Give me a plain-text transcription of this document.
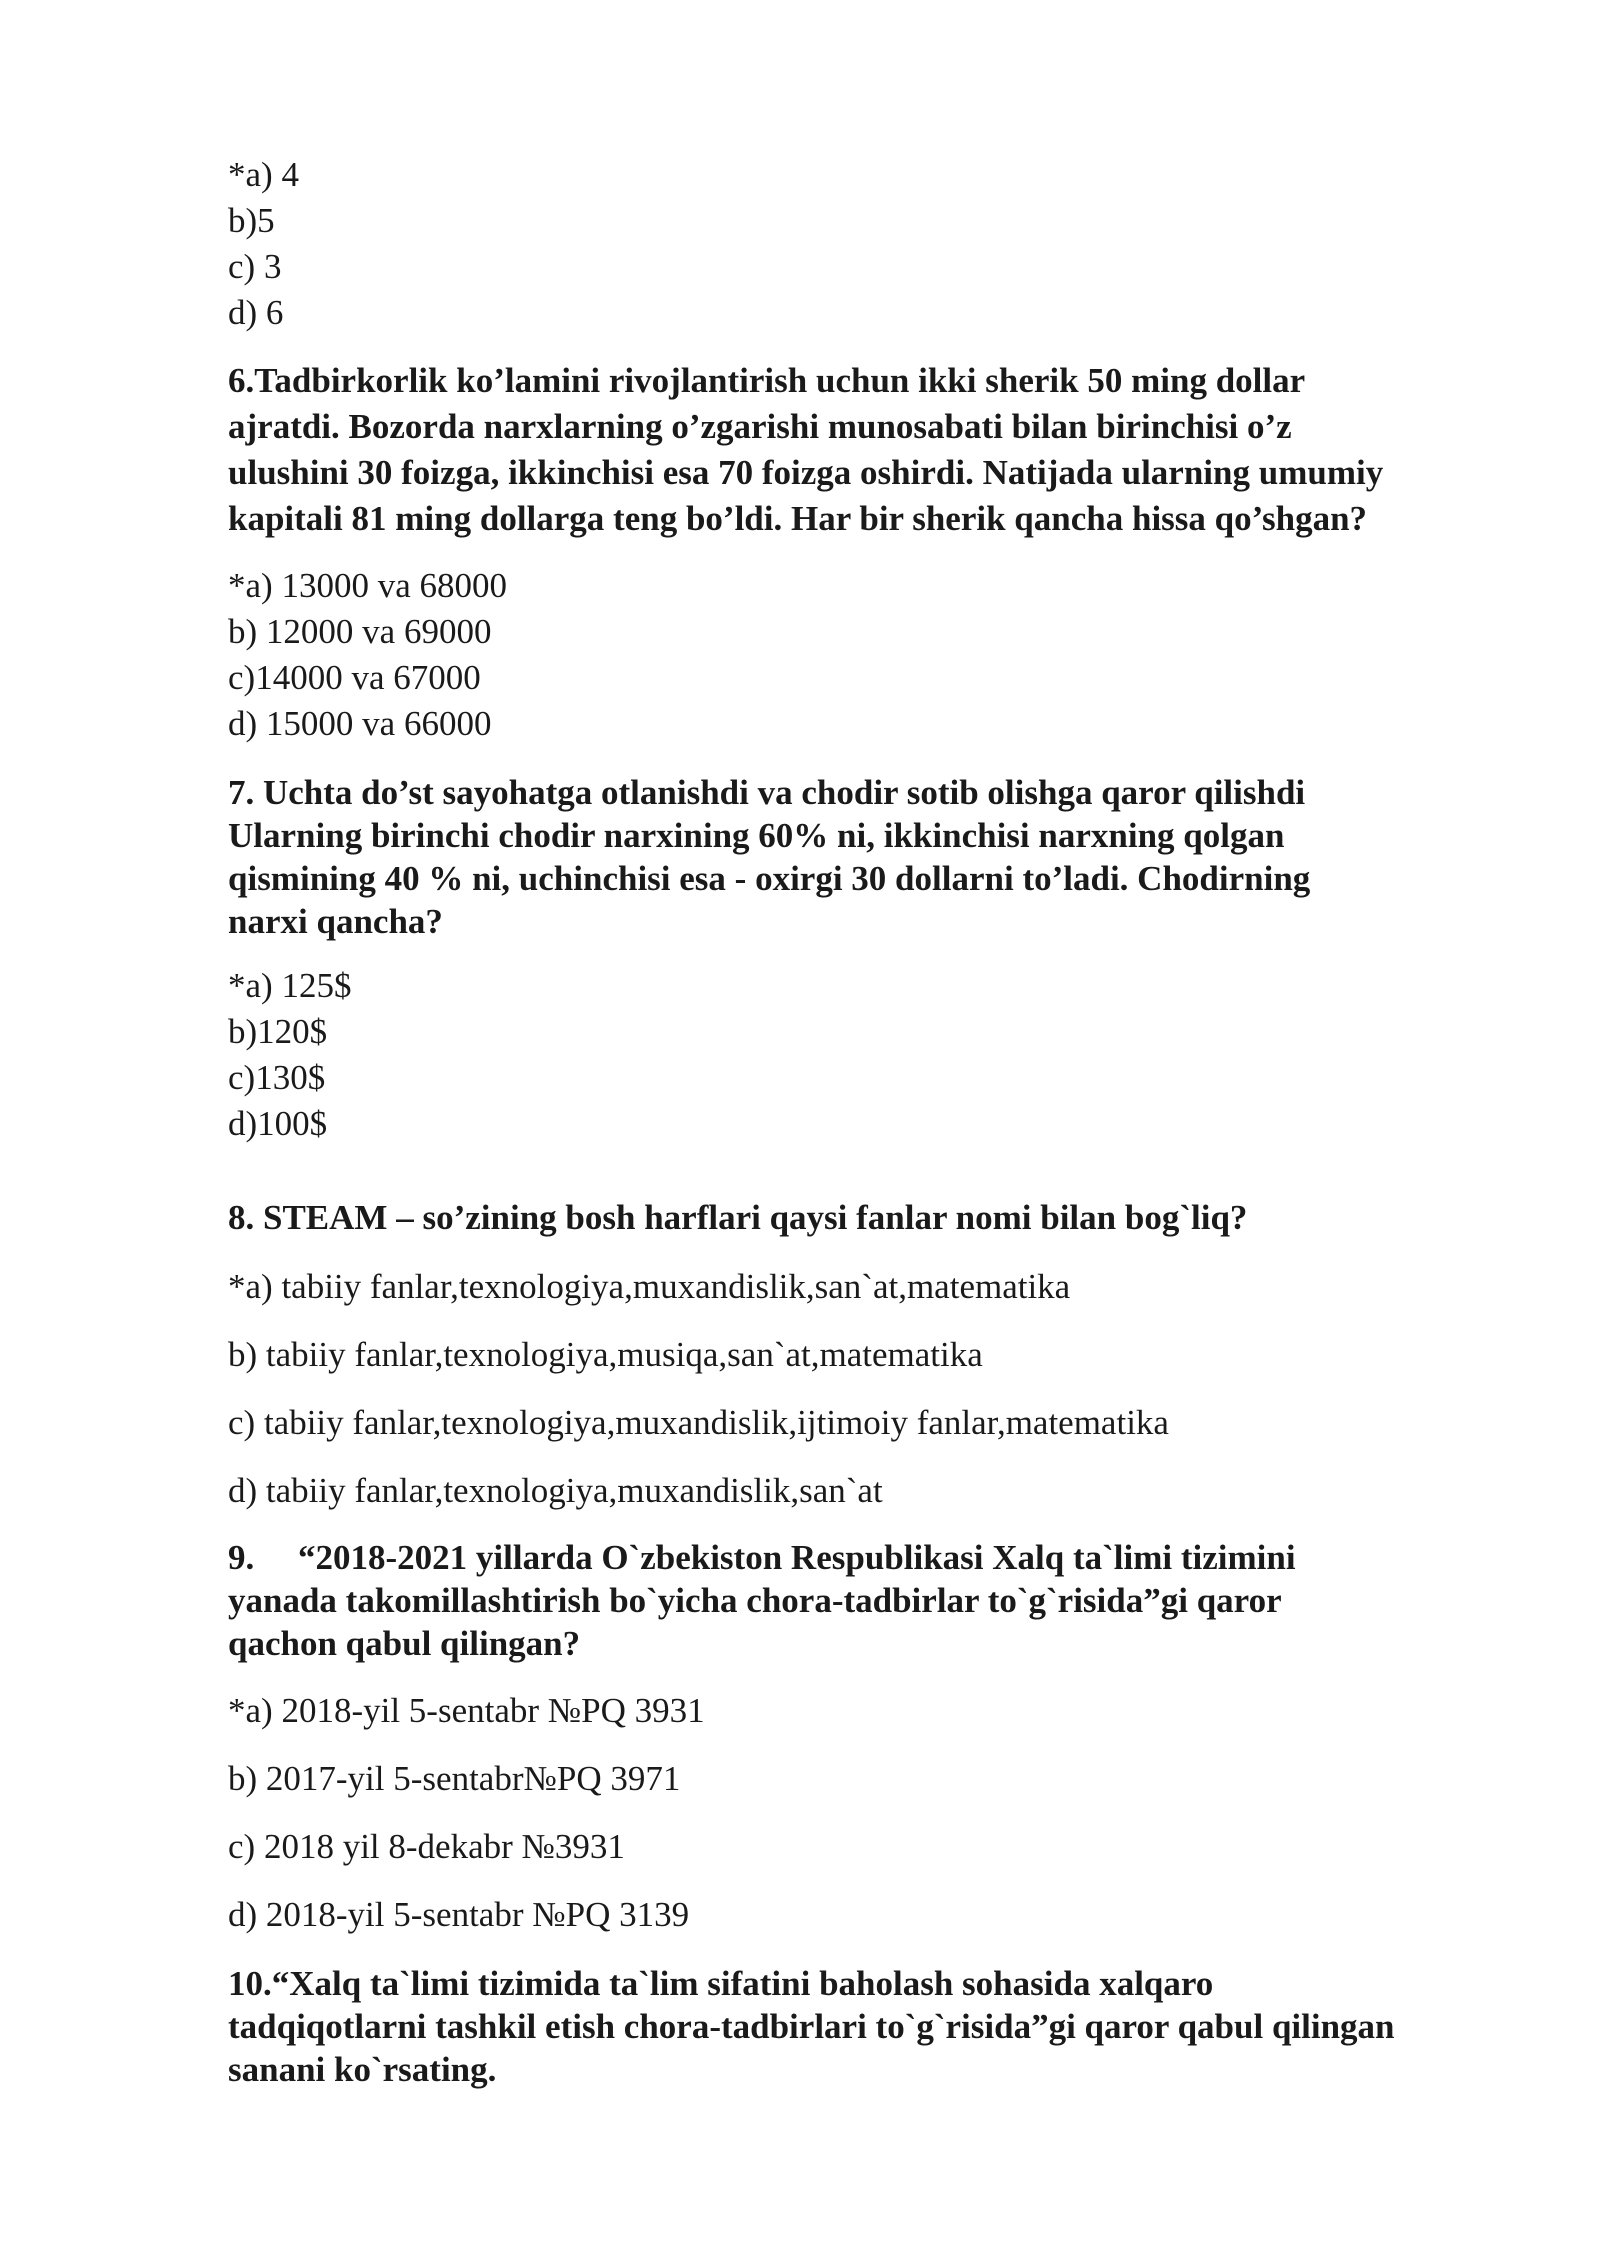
*a) 4
b)5
c) 3
d) 6
6.Tadbirkorlik ko’lamini rivojlantirish uchun ikki sherik 50 ming dollar
ajratdi. Bozorda narxlarning o’zgarishi munosabati bilan birinchisi o’z
ulushini 30 foizga, ikkinchisi esa 70 foizga oshirdi. Natijada ularning umumiy
kapitali 81 ming dollarga teng bo’ldi. Har bir sherik qancha hissa qo’shgan?
*a) 13000 va 68000
b) 12000 va 69000
c)14000 va 67000
d) 15000 va 66000
7. Uchta do’st sayohatga otlanishdi va chodir sotib olishga qaror qilishdi
Ularning birinchi chodir narxining 60% ni, ikkinchisi narxning qolgan
qismining 40 % ni, uchinchisi esa - oxirgi 30 dollarni to’ladi. Chodirning
narxi qancha?
*a) 125$
b)120$
c)130$
d)100$
8. STEAM – so’zining bosh harflari qaysi fanlar nomi bilan bog`liq?
*a) tabiiy fanlar,texnologiya,muxandislik,san`at,matematika
b) tabiiy fanlar,texnologiya,musiqa,san`at,matematika
c) tabiiy fanlar,texnologiya,muxandislik,ijtimoiy fanlar,matematika
d) tabiiy fanlar,texnologiya,muxandislik,san`at
9. “2018-2021 yillarda O`zbekiston Respublikasi Xalq ta`limi tizimini
yanada takomillashtirish bo`yicha chora-tadbirlar to`g`risida”gi qaror
qachon qabul qilingan?
*a) 2018-yil 5-sentabr №PQ 3931
b) 2017-yil 5-sentabr№PQ 3971
c) 2018 yil 8-dekabr №3931
d) 2018-yil 5-sentabr №PQ 3139
10.“Xalq ta`limi tizimida ta`lim sifatini baholash sohasida xalqaro
tadqiqotlarni tashkil etish chora-tadbirlari to`g`risida”gi qaror qabul qilingan
sanani ko`rsating.
